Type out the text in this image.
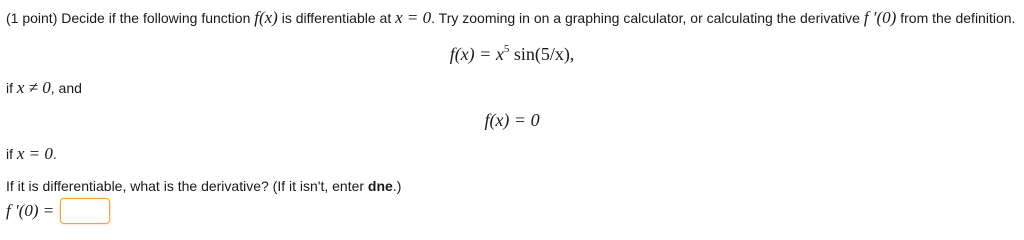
(1 point) Decide if the following function f(x) is differentiable at x = 0. Try zooming in on a graphing calculator, or calculating the derivative f ′(0) from the definition.
$f(x) = x^5$ sin(5/x),
if x ≠ 0, and
f(x) = 0
if x = 0.
If it is differentiable, what is the derivative? (If it isn't, enter dne.)
f ′(0) =
